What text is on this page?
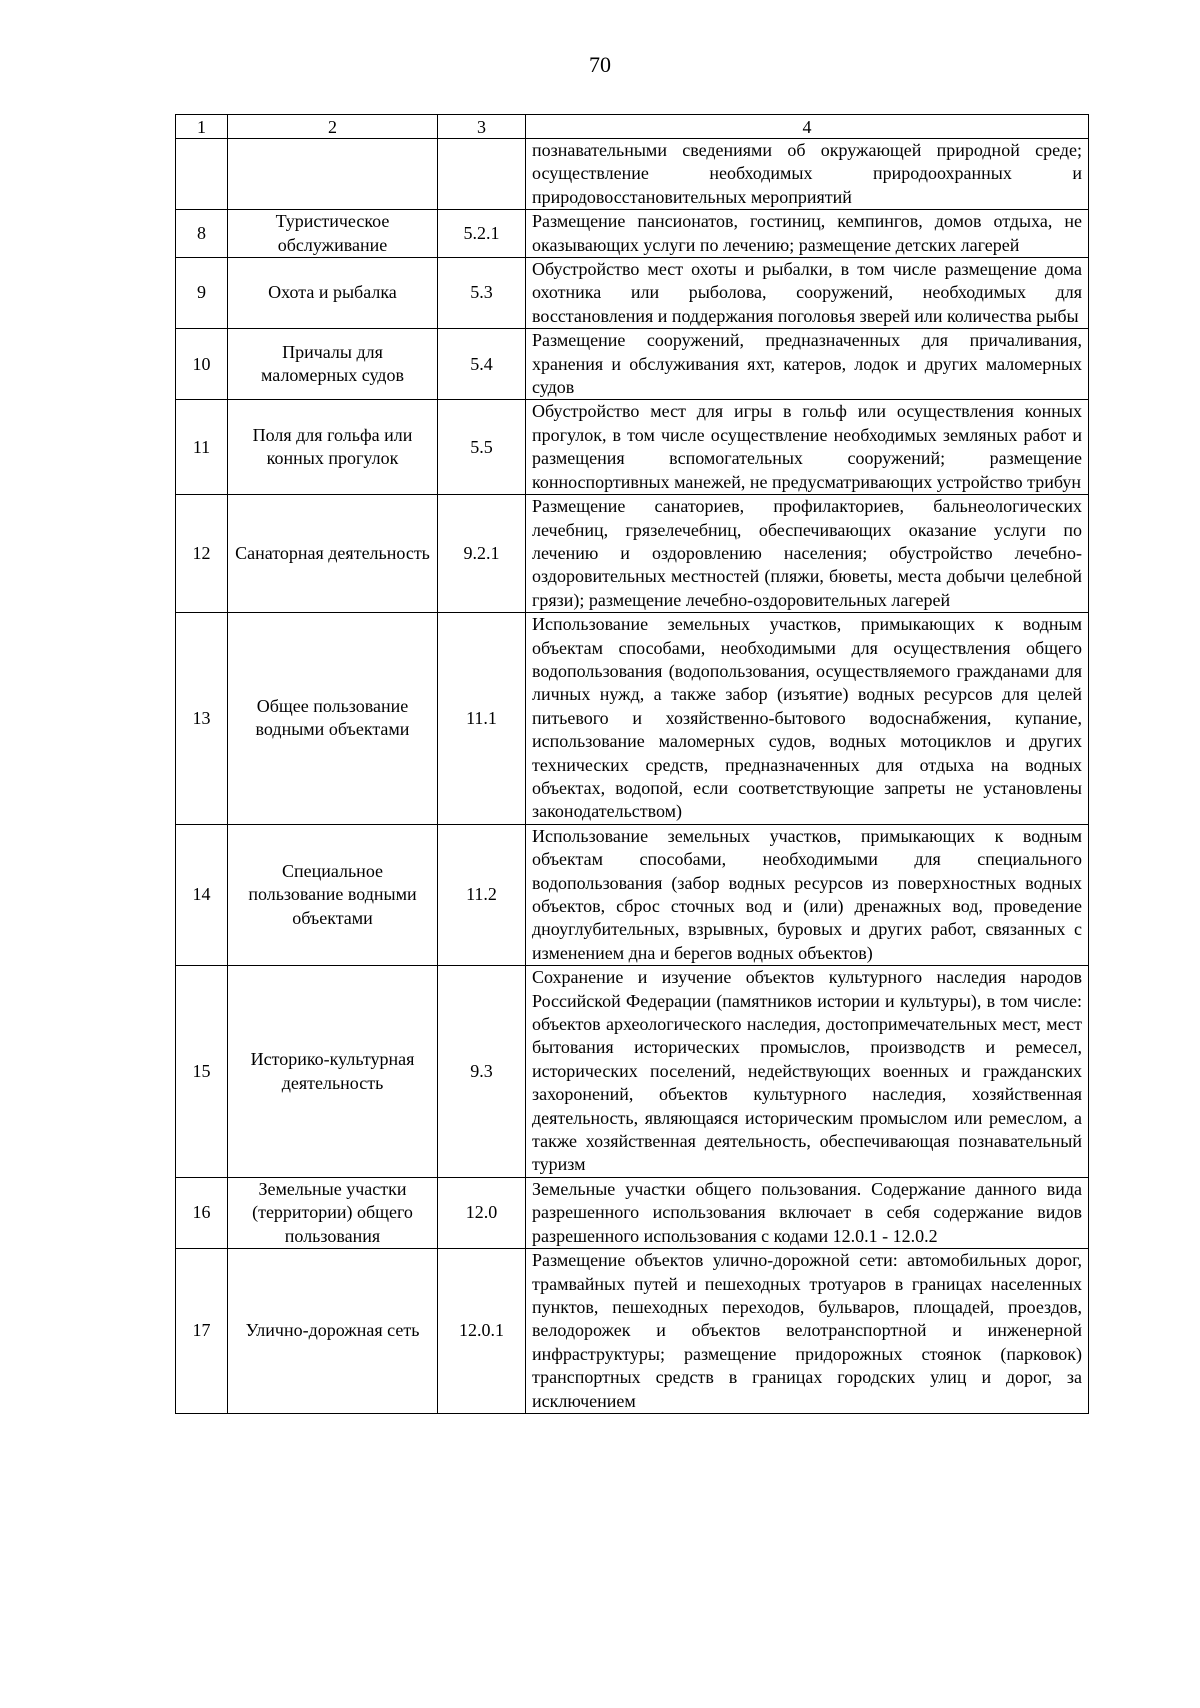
70
1	2	3	4
			познавательными сведениями об окружающей природной среде; осуществление необходимых природоохранных и природовосстановительных мероприятий
8	Туристическое обслуживание	5.2.1	Размещение пансионатов, гостиниц, кемпингов, домов отдыха, не оказывающих услуги по лечению; размещение детских лагерей
9	Охота и рыбалка	5.3	Обустройство мест охоты и рыбалки, в том числе размещение дома охотника или рыболова, сооружений, необходимых для восстановления и поддержания поголовья зверей или количества рыбы
10	Причалы для маломерных судов	5.4	Размещение сооружений, предназначенных для причаливания, хранения и обслуживания яхт, катеров, лодок и других маломерных судов
11	Поля для гольфа или конных прогулок	5.5	Обустройство мест для игры в гольф или осуществления конных прогулок, в том числе осуществление необходимых земляных работ и размещения вспомогательных сооружений; размещение конноспортивных манежей, не предусматривающих устройство трибун
12	Санаторная деятельность	9.2.1	Размещение санаториев, профилакториев, бальнеологических лечебниц, грязелечебниц, обеспечивающих оказание услуги по лечению и оздоровлению населения; обустройство лечебно-оздоровительных местностей (пляжи, бюветы, места добычи целебной грязи); размещение лечебно-оздоровительных лагерей
13	Общее пользование водными объектами	11.1	Использование земельных участков, примыкающих к водным объектам способами, необходимыми для осуществления общего водопользования (водопользования, осуществляемого гражданами для личных нужд, а также забор (изъятие) водных ресурсов для целей питьевого и хозяйственно-бытового водоснабжения, купание, использование маломерных судов, водных мотоциклов и других технических средств, предназначенных для отдыха на водных объектах, водопой, если соответствующие запреты не установлены законодательством)
14	Специальное пользование водными объектами	11.2	Использование земельных участков, примыкающих к водным объектам способами, необходимыми для специального водопользования (забор водных ресурсов из поверхностных водных объектов, сброс сточных вод и (или) дренажных вод, проведение дноуглубительных, взрывных, буровых и других работ, связанных с изменением дна и берегов водных объектов)
15	Историко-культурная деятельность	9.3	Сохранение и изучение объектов культурного наследия народов Российской Федерации (памятников истории и культуры), в том числе: объектов археологического наследия, достопримечательных мест, мест бытования исторических промыслов, производств и ремесел, исторических поселений, недействующих военных и гражданских захоронений, объектов культурного наследия, хозяйственная деятельность, являющаяся историческим промыслом или ремеслом, а также хозяйственная деятельность, обеспечивающая познавательный туризм
16	Земельные участки (территории) общего пользования	12.0	Земельные участки общего пользования. Содержание данного вида разрешенного использования включает в себя содержание видов разрешенного использования с кодами 12.0.1 - 12.0.2
17	Улично-дорожная сеть	12.0.1	Размещение объектов улично-дорожной сети: автомобильных дорог, трамвайных путей и пешеходных тротуаров в границах населенных пунктов, пешеходных переходов, бульваров, площадей, проездов, велодорожек и объектов велотранспортной и инженерной инфраструктуры; размещение придорожных стоянок (парковок) транспортных средств в границах городских улиц и дорог, за исключением
